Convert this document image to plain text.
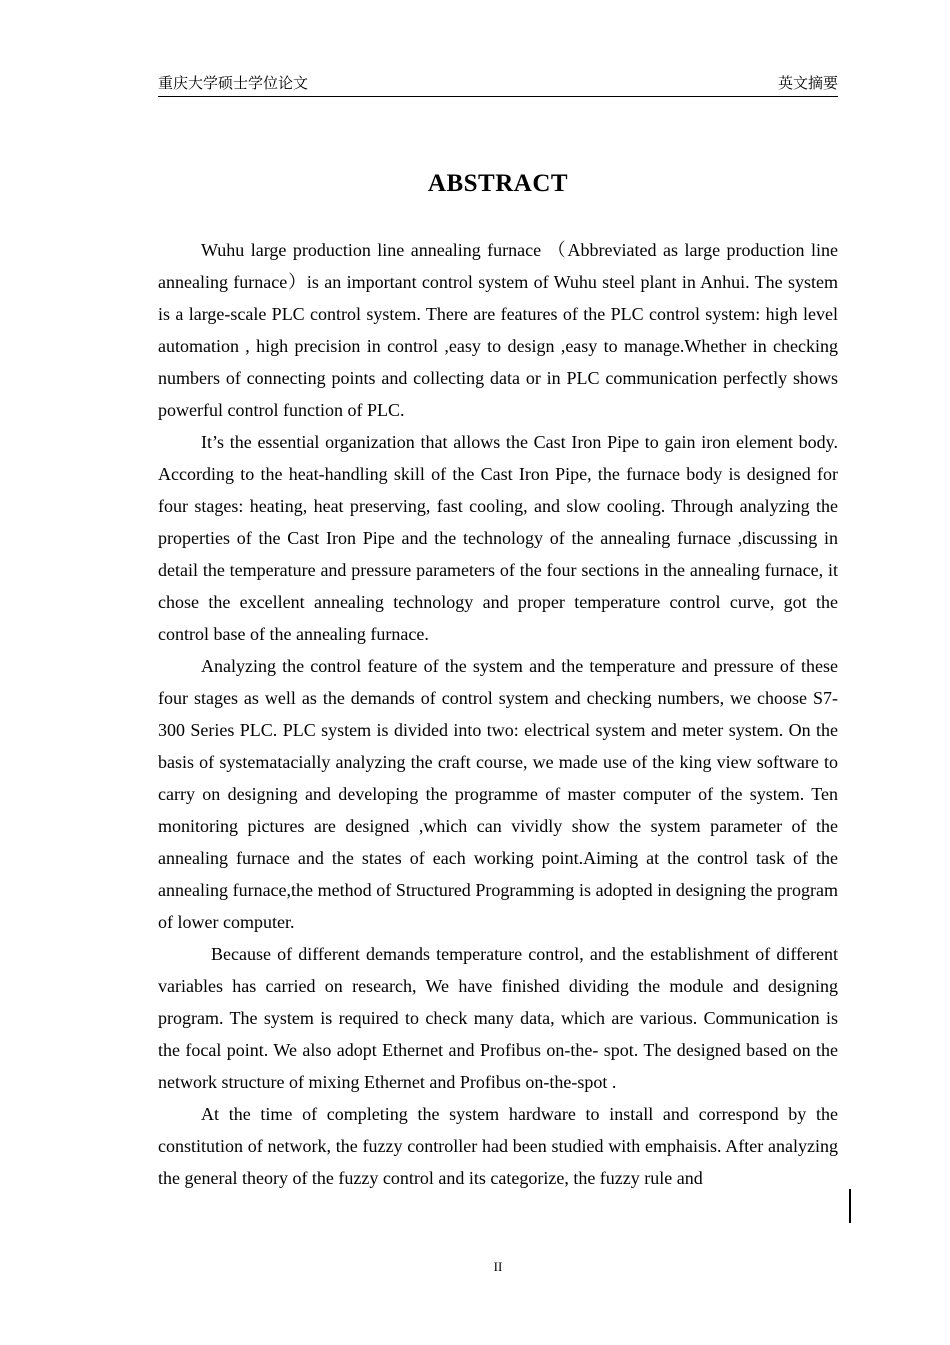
重庆大学硕士学位论文	英文摘要
ABSTRACT

Wuhu large production line annealing furnace （Abbreviated as large production line annealing furnace）is an important control system of Wuhu steel plant in Anhui. The system is a large-scale PLC control system. There are features of the PLC control system: high level automation , high precision in control ,easy to design ,easy to manage.Whether in checking numbers of connecting points and collecting data or in PLC communication perfectly shows powerful control function of PLC.

It’s the essential organization that allows the Cast Iron Pipe to gain iron element body. According to the heat-handling skill of the Cast Iron Pipe, the furnace body is designed for four stages: heating, heat preserving, fast cooling, and slow cooling. Through analyzing the properties of the Cast Iron Pipe and the technology of the annealing furnace ,discussing in detail the temperature and pressure parameters of the four sections in the annealing furnace, it chose the excellent annealing technology and proper temperature control curve, got the control base of the annealing furnace.

Analyzing the control feature of the system and the temperature and pressure of these four stages as well as the demands of control system and checking numbers, we choose S7-300 Series PLC. PLC system is divided into two: electrical system and meter system. On the basis of systematacially analyzing the craft course, we made use of the king view software to carry on designing and developing the programme of master computer of the system. Ten monitoring pictures are designed ,which can vividly show the system parameter of the annealing furnace and the states of each working point.Aiming at the control task of the annealing furnace,the method of Structured Programming is adopted in designing the program of lower computer.

Because of different demands temperature control, and the establishment of different variables has carried on research, We have finished dividing the module and designing program. The system is required to check many data, which are various. Communication is the focal point. We also adopt Ethernet and Profibus on-the- spot. The designed based on the network structure of mixing Ethernet and Profibus on-the-spot .

At the time of completing the system hardware to install and correspond by the constitution of network, the fuzzy controller had been studied with emphaisis. After analyzing the general theory of the fuzzy control and its categorize, the fuzzy rule and

II
